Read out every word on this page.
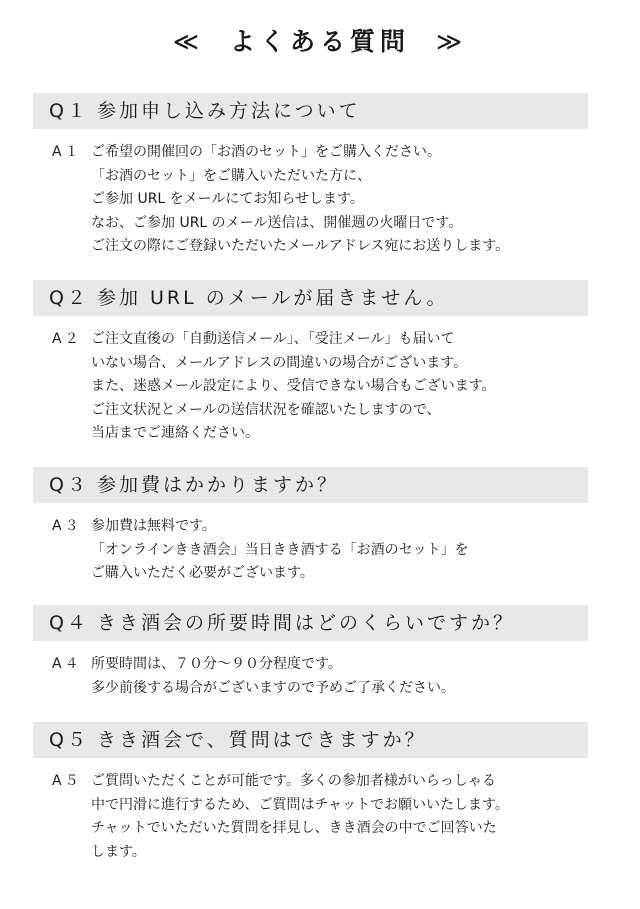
≪ よくある質問 ≫
Q１ 参加申し込み方法について
A１ ご希望の開催回の「お酒のセット」をご購入ください。
「お酒のセット」をご購入いただいた方に、
ご参加 URL をメールにてお知らせします。
なお、ご参加 URL のメール送信は、開催週の火曜日です。
ご注文の際にご登録いただいたメールアドレス宛にお送りします。
Q２ 参加 URL のメールが届きません。
A２ ご注文直後の「自動送信メール」、「受注メール」も届いて
いない場合、メールアドレスの間違いの場合がございます。
また、迷惑メール設定により、受信できない場合もございます。
ご注文状況とメールの送信状況を確認いたしますので、
当店までご連絡ください。
Q３ 参加費はかかりますか？
A３ 参加費は無料です。
「オンラインきき酒会」当日きき酒する「お酒のセット」を
ご購入いただく必要がございます。
Q４ きき酒会の所要時間はどのくらいですか？
A４ 所要時間は、７０分〜９０分程度です。
多少前後する場合がございますので予めご了承ください。
Q５ きき酒会で、質問はできますか？
A５ ご質問いただくことが可能です。多くの参加者様がいらっしゃる
中で円滑に進行するため、ご質問はチャットでお願いいたします。
チャットでいただいた質問を拝見し、きき酒会の中でご回答いた
します。
